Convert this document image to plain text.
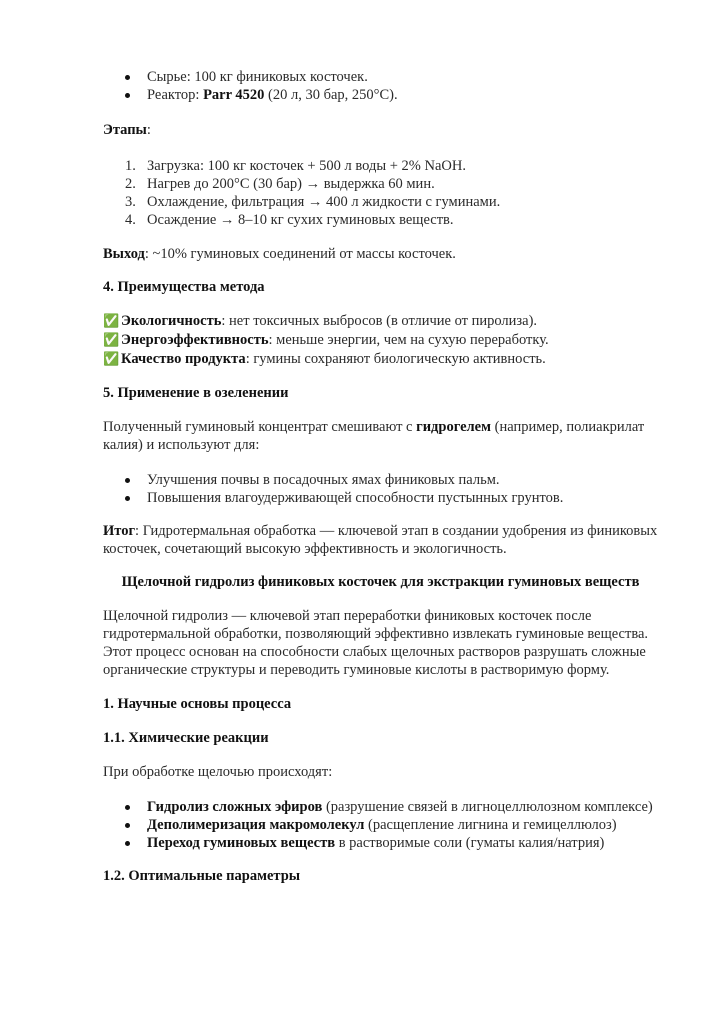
Сырье: 100 кг финиковых косточек.
Реактор: Parr 4520 (20 л, 30 бар, 250°C).

Этапы:

1. Загрузка: 100 кг косточек + 500 л воды + 2% NaOH.
2. Нагрев до 200°C (30 бар) → выдержка 60 мин.
3. Охлаждение, фильтрация → 400 л жидкости с гуминами.
4. Осаждение → 8–10 кг сухих гуминовых веществ.

Выход: ~10% гуминовых соединений от массы косточек.

4. Преимущества метода

✅ Экологичность: нет токсичных выбросов (в отличие от пиролиза).

✅ Энергоэффективность: меньше энергии, чем на сухую переработку.

✅ Качество продукта: гумины сохраняют биологическую активность.

5. Применение в озеленении

Полученный гуминовый концентрат смешивают с гидрогелем (например, полиакрилат калия) и используют для:

Улучшения почвы в посадочных ямах финиковых пальм.
Повышения влагоудерживающей способности пустынных грунтов.

Итог: Гидротермальная обработка — ключевой этап в создании удобрения из финиковых косточек, сочетающий высокую эффективность и экологичность.

Щелочной гидролиз финиковых косточек для экстракции гуминовых веществ

Щелочной гидролиз — ключевой этап переработки финиковых косточек после гидротермальной обработки, позволяющий эффективно извлекать гуминовые вещества. Этот процесс основан на способности слабых щелочных растворов разрушать сложные органические структуры и переводить гуминовые кислоты в растворимую форму.

1. Научные основы процесса

1.1. Химические реакции

При обработке щелочью происходят:

Гидролиз сложных эфиров (разрушение связей в лигноцеллюлозном комплексе)
Деполимеризация макромолекул (расщепление лигнина и гемицеллюлоз)
Переход гуминовых веществ в растворимые соли (гуматы калия/натрия)

1.2. Оптимальные параметры
